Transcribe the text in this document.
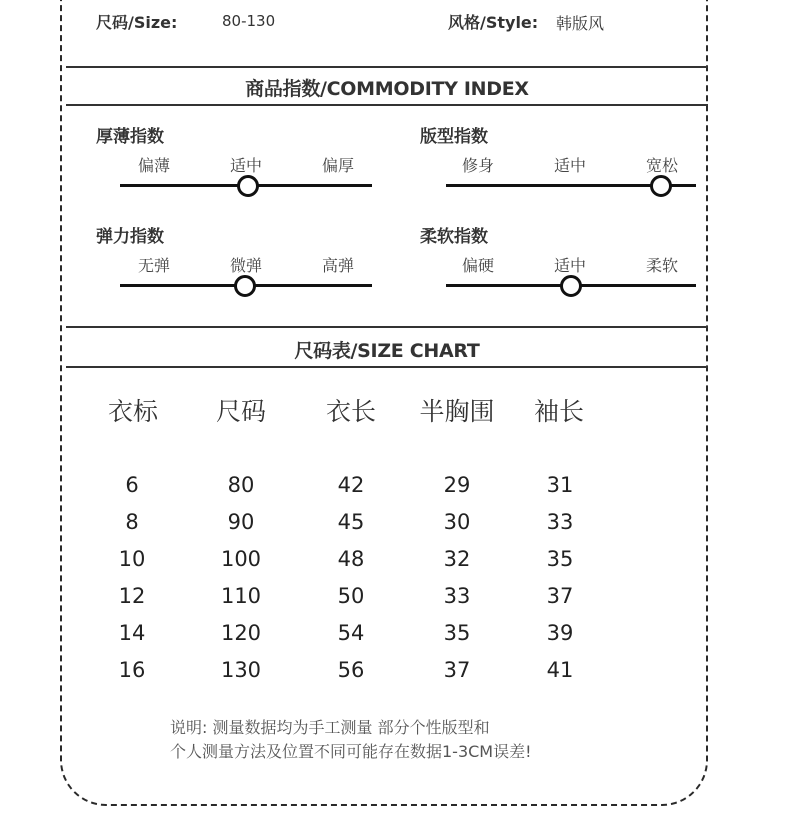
尺码/Size:	80-130	风格/Style: 韩版风
商品指数/COMMODITY INDEX
厚薄指数
偏薄	适中	偏厚
版型指数
修身	适中	宽松
弹力指数
无弹	微弹	高弹
柔软指数
偏硬	适中	柔软
尺码表/SIZE CHART
衣标	尺码	衣长	半胸围	袖长
6	80	42	29	31
8	90	45	30	33
10	100	48	32	35
12	110	50	33	37
14	120	54	35	39
16	130	56	37	41
说明: 测量数据均为手工测量 部分个性版型和
个人测量方法及位置不同可能存在数据1-3CM误差!
